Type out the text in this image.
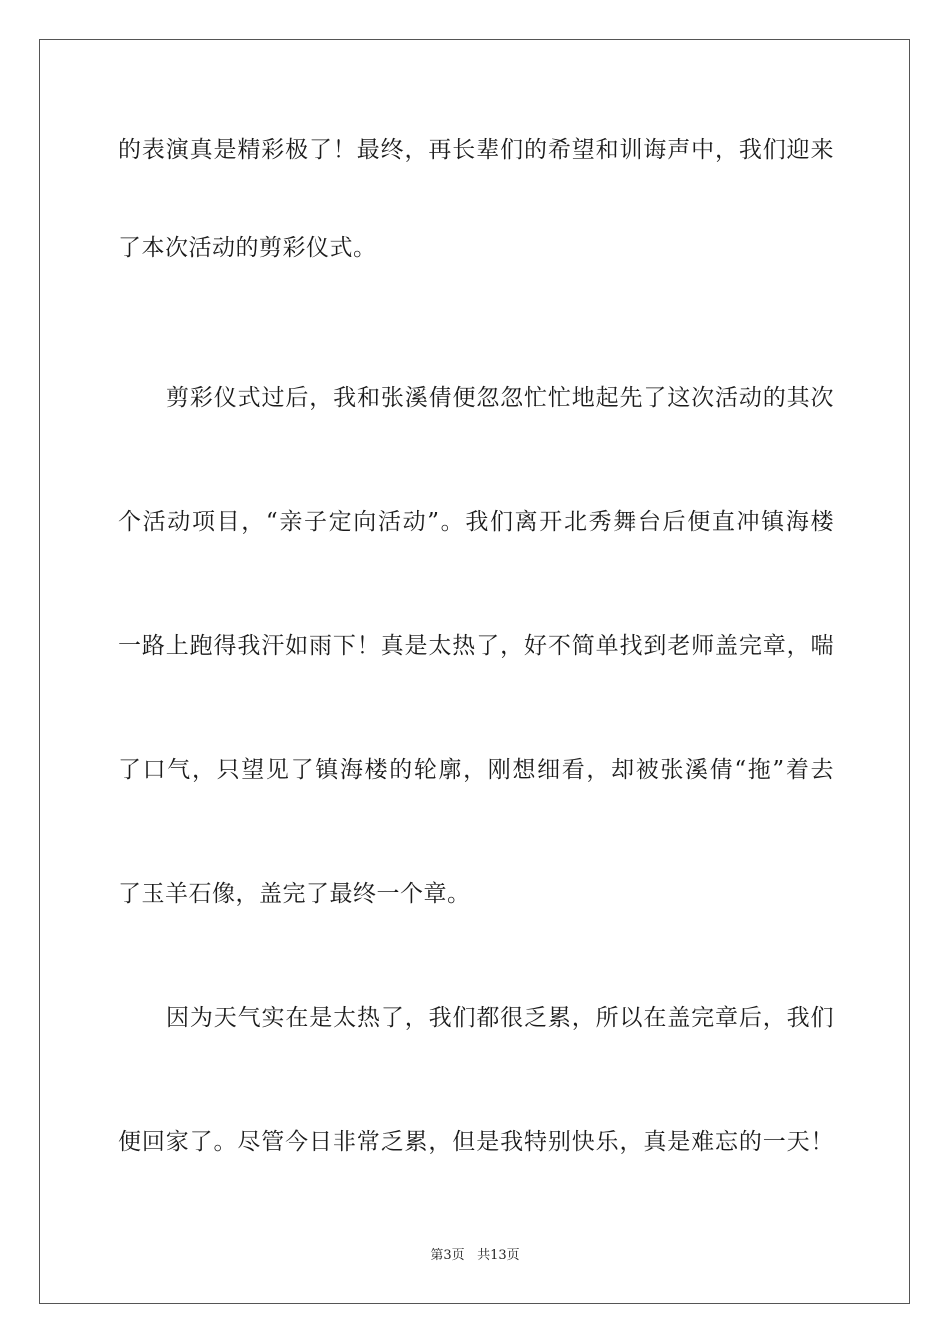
的表演真是精彩极了！最终，再长辈们的希望和训诲声中，我们迎来
了本次活动的剪彩仪式。
剪彩仪式过后，我和张溪倩便忽忽忙忙地起先了这次活动的其次
个活动项目，“亲子定向活动”。我们离开北秀舞台后便直冲镇海楼
一路上跑得我汗如雨下！真是太热了，好不简单找到老师盖完章，喘
了口气，只望见了镇海楼的轮廓，刚想细看，却被张溪倩“拖”着去
了玉羊石像，盖完了最终一个章。
因为天气实在是太热了，我们都很乏累，所以在盖完章后，我们
便回家了。尽管今日非常乏累，但是我特别快乐，真是难忘的一天！
第3页 共13页
